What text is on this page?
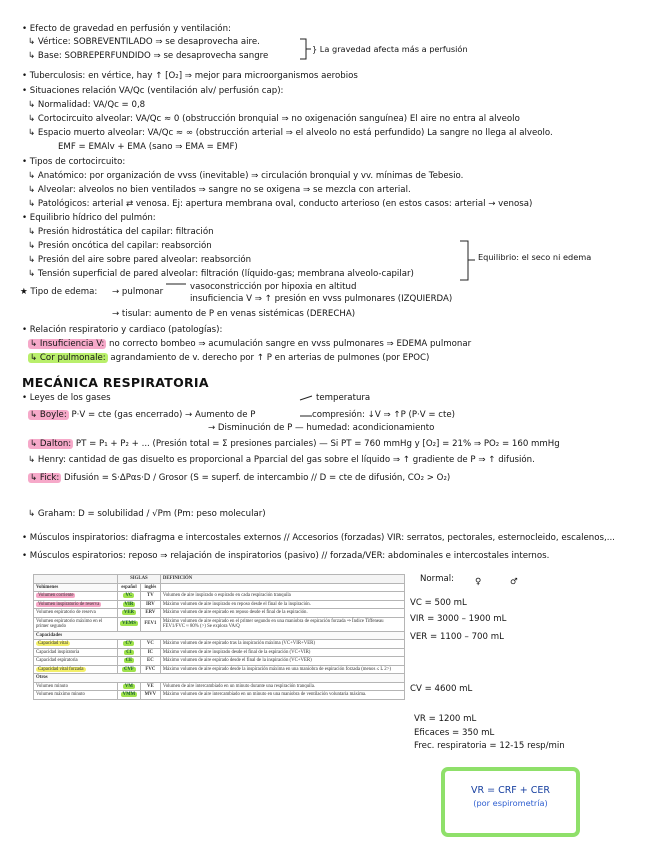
• Efecto de gravedad en perfusión y ventilación:
↳ Vértice: SOBREVENTILADO ⇒ se desaprovecha aire.
↳ Base: SOBREPERFUNDIDO ⇒ se desaprovecha sangre
} La gravedad afecta más a perfusión
• Tuberculosis: en vértice, hay ↑ [O₂] ⇒ mejor para microorganismos aerobios
• Situaciones relación VA/Qc (ventilación alv/ perfusión cap):
↳ Normalidad: VA/Qc = 0,8
↳ Cortocircuito alveolar: VA/Qc ≈ 0 (obstrucción bronquial ⇒ no oxigenación sanguínea) El aire no entra al alveolo
↳ Espacio muerto alveolar: VA/Qc ≈ ∞ (obstrucción arterial ⇒ el alveolo no está perfundido) La sangre no llega al alveolo.
EMF = EMAlv + EMA (sano ⇒ EMA = EMF)
• Tipos de cortocircuito:
↳ Anatómico: por organización de vvss (inevitable) ⇒ circulación bronquial y vv. mínimas de Tebesio.
↳ Alveolar: alveolos no bien ventilados ⇒ sangre no se oxigena ⇒ se mezcla con arterial.
↳ Patológicos: arterial ⇄ venosa. Ej: apertura membrana oval, conducto arterioso (en estos casos: arterial → venosa)
• Equilibrio hídrico del pulmón:
↳ Presión hidrostática del capilar: filtración
↳ Presión oncótica del capilar: reabsorción
↳ Presión del aire sobre pared alveolar: reabsorción
↳ Tensión superficial de pared alveolar: filtración (líquido-gas; membrana alveolo-capilar)
Equilibrio: el seco ni edema
★ Tipo de edema: → pulmonar	vasoconstricción por hipoxia en altitud
insuficiencia V ⇒ ↑ presión en vvss pulmonares (IZQUIERDA)
→ tisular: aumento de P en venas sistémicas (DERECHA)
• Relación respiratorio y cardiaco (patologías):
↳ Insuficiencia V: no correcto bombeo ⇒ acumulación sangre en vvss pulmonares ⇒ EDEMA pulmonar
↳ Cor pulmonale: agrandamiento de v. derecho por ↑ P en arterias de pulmones (por EPOC)
MECÁNICA RESPIRATORIA
• Leyes de los gases	temperatura
↳ Boyle: P·V = cte (gas encerrado) → Aumento de P	compresión: ↓V ⇒ ↑P (P·V = cte)
→ Disminución de P — humedad: acondicionamiento
↳ Dalton: PT = P₁ + P₂ + ... (Presión total = Σ presiones parciales) — Si PT = 760 mmHg y [O₂] = 21% ⇒ PO₂ = 160 mmHg
↳ Henry: cantidad de gas disuelto es proporcional a Pparcial del gas sobre el líquido ⇒ ↑ gradiente de P ⇒ ↑ difusión.
↳ Fick: Difusión = S·ΔPαs·D / Grosor (S = superf. de intercambio // D = cte de difusión, CO₂ > O₂)
↳ Graham: D = solubilidad / √Pm (Pm: peso molecular)
• Músculos inspiratorios: diafragma e intercostales externos // Accesorios (forzadas) VIR: serratos, pectorales, esternocleido, escalenos,...
• Músculos espiratorios: reposo ⇒ relajación de inspiratorios (pasivo) // forzada/VER: abdominales e intercostales internos.
	SIGLAS		DEFINICIÓN
Volúmenes	español	inglés	
Volumen corriente	VC	TV	Volumen de aire inspirado o espirado en cada respiración tranquila
Volumen inspiratorio de reserva	VIR	IRV	Máximo volumen de aire inspirado en reposo desde el final de la inspiración.
Volumen espiratorio de reserva	VER	ERV	Máximo volumen de aire espirado en reposo desde el final de la espiración.
Volumen espiratorio máximo en el primer segundo	VEMS	FEV1	Máximo volumen de aire espirado en el primer segundo en una maniobra de espiración forzada ⇒ Índice Tiffeneau FEV1/FVC ≈ 80% (>) Se explora VA/Q
Capacidades			
Capacidad vital	CV	VC	Máximo volumen de aire espirado tras la inspiración máxima (VC+VIR+VER)
Capacidad inspiratoria	CI	IC	Máximo volumen de aire inspirado desde el final de la espiración (VC+VIR)
Capacidad espiratoria	CE	EC	Máximo volumen de aire espirado desde el final de la inspiración (VC+VER)
Capacidad vital forzada	CVF	FVC	Máximo volumen de aire espirado desde la inspiración máxima en una maniobra de espiración forzada (menos ≤ L 2>)
Otros			
Volumen minuto	VM	VE	Volumen de aire intercambiado en un minuto durante una respiración tranquila.
Volumen máximo minuto	VMM	MVV	Máximo volumen de aire intercambiado en un minuto en una maniobra de ventilación voluntaria máxima.
Normal: ♀	♂
VC = 500 mL
VIR = 3000 – 1900 mL
VER = 1100 – 700 mL
CV = 4600 mL
VR = 1200 mL
Eficaces = 350 mL
Frec. respiratoria = 12-15 resp/min
VR = CRF + CER
(por espirometría)
